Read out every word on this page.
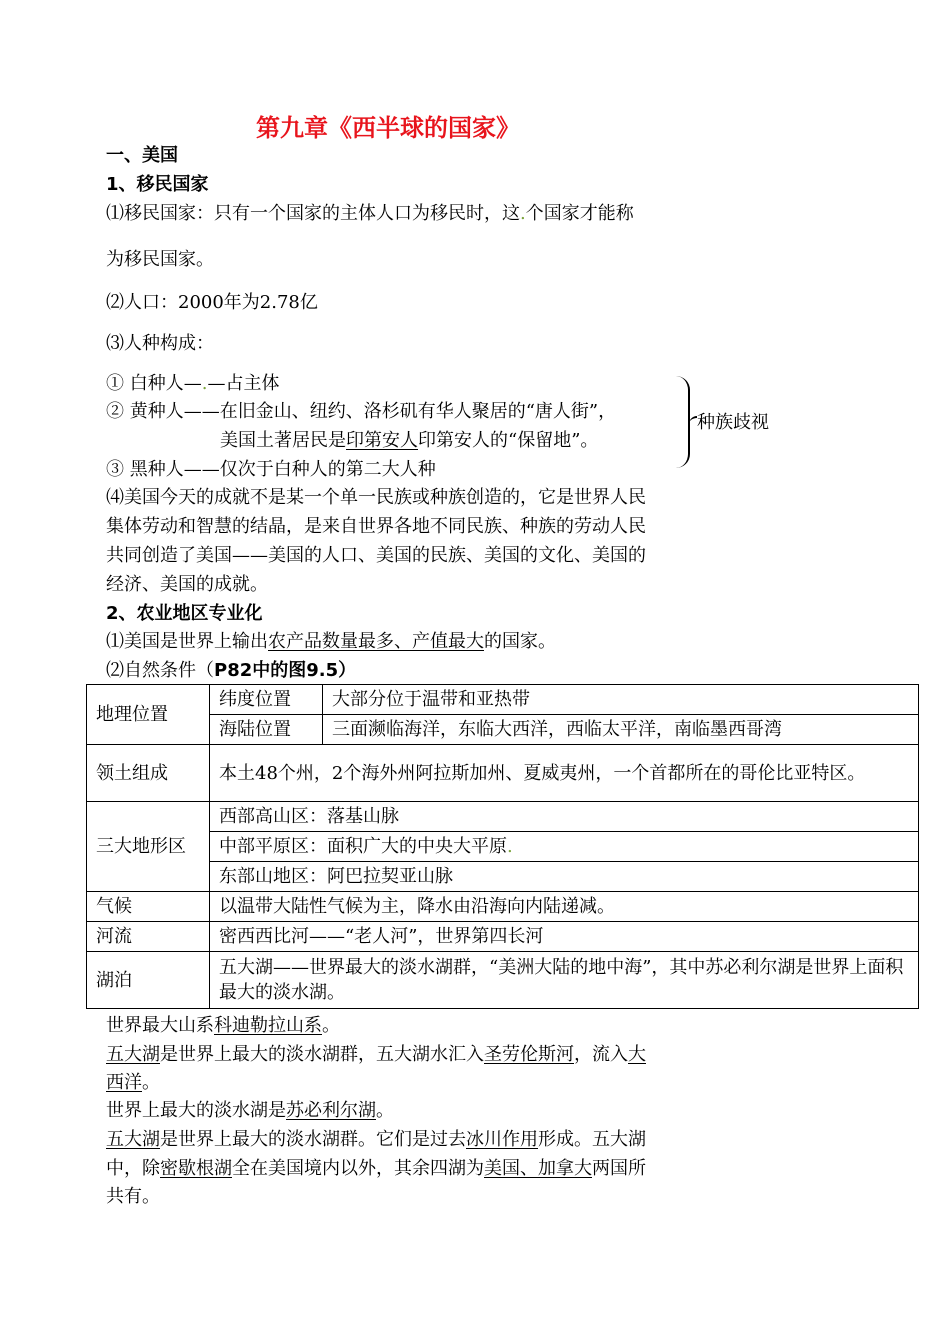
第九章《西半球的国家》
一、美国
1、移民国家
⑴移民国家：只有一个国家的主体人口为移民时，这.个国家才能称
为移民国家。
⑵人口：2000年为2.78亿
⑶人种构成：
① 白种人—.—占主体
② 黄种人——在旧金山、纽约、洛杉矶有华人聚居的“唐人街”，
美国土著居民是印第安人印第安人的“保留地”。
③ 黑种人——仅次于白种人的第二大人种
种族歧视
⑷美国今天的成就不是某一个单一民族或种族创造的，它是世界人民
集体劳动和智慧的结晶，是来自世界各地不同民族、种族的劳动人民
共同创造了美国——美国的人口、美国的民族、美国的文化、美国的
经济、美国的成就。
2、农业地区专业化
⑴美国是世界上输出农产品数量最多、产值最大的国家。
⑵自然条件（P82中的图9.5）
地理位置	纬度位置	大部分位于温带和亚热带
	海陆位置	三面濒临海洋，东临大西洋，西临太平洋，南临墨西哥湾
领土组成	本土48个州，2个海外州阿拉斯加州、夏威夷州，一个首都所在的哥伦比亚特区。	
三大地形区	西部高山区：落基山脉	
	中部平原区：面积广大的中央大平原.	
	东部山地区：阿巴拉契亚山脉	
气候	以温带大陆性气候为主，降水由沿海向内陆递减。	
河流	密西西比河——“老人河”，世界第四长河	
湖泊	五大湖——世界最大的淡水湖群，“美洲大陆的地中海”，其中苏必利尔湖是世界上面积最大的淡水湖。	
世界最大山系科迪勒拉山系。
五大湖是世界上最大的淡水湖群，五大湖水汇入圣劳伦斯河，流入大
西洋。
世界上最大的淡水湖是苏必利尔湖。
五大湖是世界上最大的淡水湖群。它们是过去冰川作用形成。五大湖
中，除密歇根湖全在美国境内以外，其余四湖为美国、加拿大两国所
共有。
